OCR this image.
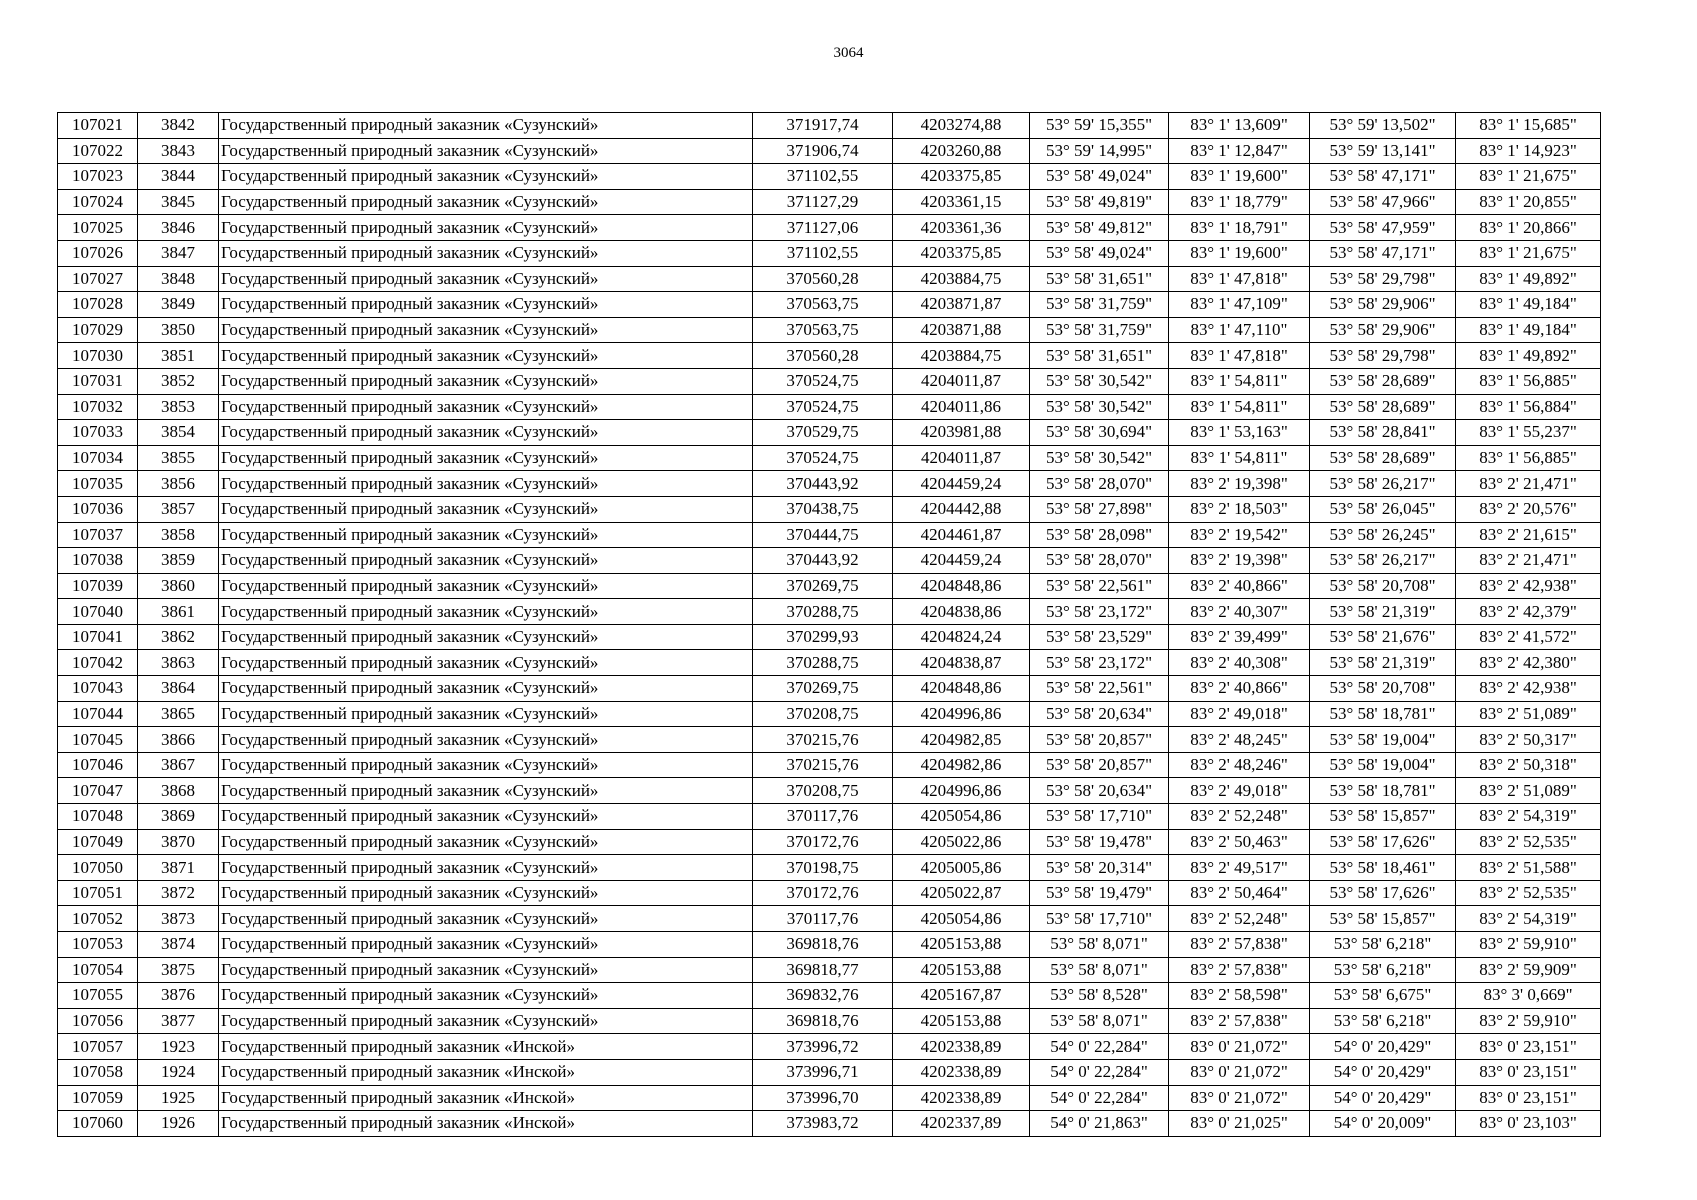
3064
107021	3842	Государственный природный заказник «Сузунский»	371917,74	4203274,88	53° 59' 15,355"	83° 1' 13,609"	53° 59' 13,502"	83° 1' 15,685"
107022	3843	Государственный природный заказник «Сузунский»	371906,74	4203260,88	53° 59' 14,995"	83° 1' 12,847"	53° 59' 13,141"	83° 1' 14,923"
107023	3844	Государственный природный заказник «Сузунский»	371102,55	4203375,85	53° 58' 49,024"	83° 1' 19,600"	53° 58' 47,171"	83° 1' 21,675"
107024	3845	Государственный природный заказник «Сузунский»	371127,29	4203361,15	53° 58' 49,819"	83° 1' 18,779"	53° 58' 47,966"	83° 1' 20,855"
107025	3846	Государственный природный заказник «Сузунский»	371127,06	4203361,36	53° 58' 49,812"	83° 1' 18,791"	53° 58' 47,959"	83° 1' 20,866"
107026	3847	Государственный природный заказник «Сузунский»	371102,55	4203375,85	53° 58' 49,024"	83° 1' 19,600"	53° 58' 47,171"	83° 1' 21,675"
107027	3848	Государственный природный заказник «Сузунский»	370560,28	4203884,75	53° 58' 31,651"	83° 1' 47,818"	53° 58' 29,798"	83° 1' 49,892"
107028	3849	Государственный природный заказник «Сузунский»	370563,75	4203871,87	53° 58' 31,759"	83° 1' 47,109"	53° 58' 29,906"	83° 1' 49,184"
107029	3850	Государственный природный заказник «Сузунский»	370563,75	4203871,88	53° 58' 31,759"	83° 1' 47,110"	53° 58' 29,906"	83° 1' 49,184"
107030	3851	Государственный природный заказник «Сузунский»	370560,28	4203884,75	53° 58' 31,651"	83° 1' 47,818"	53° 58' 29,798"	83° 1' 49,892"
107031	3852	Государственный природный заказник «Сузунский»	370524,75	4204011,87	53° 58' 30,542"	83° 1' 54,811"	53° 58' 28,689"	83° 1' 56,885"
107032	3853	Государственный природный заказник «Сузунский»	370524,75	4204011,86	53° 58' 30,542"	83° 1' 54,811"	53° 58' 28,689"	83° 1' 56,884"
107033	3854	Государственный природный заказник «Сузунский»	370529,75	4203981,88	53° 58' 30,694"	83° 1' 53,163"	53° 58' 28,841"	83° 1' 55,237"
107034	3855	Государственный природный заказник «Сузунский»	370524,75	4204011,87	53° 58' 30,542"	83° 1' 54,811"	53° 58' 28,689"	83° 1' 56,885"
107035	3856	Государственный природный заказник «Сузунский»	370443,92	4204459,24	53° 58' 28,070"	83° 2' 19,398"	53° 58' 26,217"	83° 2' 21,471"
107036	3857	Государственный природный заказник «Сузунский»	370438,75	4204442,88	53° 58' 27,898"	83° 2' 18,503"	53° 58' 26,045"	83° 2' 20,576"
107037	3858	Государственный природный заказник «Сузунский»	370444,75	4204461,87	53° 58' 28,098"	83° 2' 19,542"	53° 58' 26,245"	83° 2' 21,615"
107038	3859	Государственный природный заказник «Сузунский»	370443,92	4204459,24	53° 58' 28,070"	83° 2' 19,398"	53° 58' 26,217"	83° 2' 21,471"
107039	3860	Государственный природный заказник «Сузунский»	370269,75	4204848,86	53° 58' 22,561"	83° 2' 40,866"	53° 58' 20,708"	83° 2' 42,938"
107040	3861	Государственный природный заказник «Сузунский»	370288,75	4204838,86	53° 58' 23,172"	83° 2' 40,307"	53° 58' 21,319"	83° 2' 42,379"
107041	3862	Государственный природный заказник «Сузунский»	370299,93	4204824,24	53° 58' 23,529"	83° 2' 39,499"	53° 58' 21,676"	83° 2' 41,572"
107042	3863	Государственный природный заказник «Сузунский»	370288,75	4204838,87	53° 58' 23,172"	83° 2' 40,308"	53° 58' 21,319"	83° 2' 42,380"
107043	3864	Государственный природный заказник «Сузунский»	370269,75	4204848,86	53° 58' 22,561"	83° 2' 40,866"	53° 58' 20,708"	83° 2' 42,938"
107044	3865	Государственный природный заказник «Сузунский»	370208,75	4204996,86	53° 58' 20,634"	83° 2' 49,018"	53° 58' 18,781"	83° 2' 51,089"
107045	3866	Государственный природный заказник «Сузунский»	370215,76	4204982,85	53° 58' 20,857"	83° 2' 48,245"	53° 58' 19,004"	83° 2' 50,317"
107046	3867	Государственный природный заказник «Сузунский»	370215,76	4204982,86	53° 58' 20,857"	83° 2' 48,246"	53° 58' 19,004"	83° 2' 50,318"
107047	3868	Государственный природный заказник «Сузунский»	370208,75	4204996,86	53° 58' 20,634"	83° 2' 49,018"	53° 58' 18,781"	83° 2' 51,089"
107048	3869	Государственный природный заказник «Сузунский»	370117,76	4205054,86	53° 58' 17,710"	83° 2' 52,248"	53° 58' 15,857"	83° 2' 54,319"
107049	3870	Государственный природный заказник «Сузунский»	370172,76	4205022,86	53° 58' 19,478"	83° 2' 50,463"	53° 58' 17,626"	83° 2' 52,535"
107050	3871	Государственный природный заказник «Сузунский»	370198,75	4205005,86	53° 58' 20,314"	83° 2' 49,517"	53° 58' 18,461"	83° 2' 51,588"
107051	3872	Государственный природный заказник «Сузунский»	370172,76	4205022,87	53° 58' 19,479"	83° 2' 50,464"	53° 58' 17,626"	83° 2' 52,535"
107052	3873	Государственный природный заказник «Сузунский»	370117,76	4205054,86	53° 58' 17,710"	83° 2' 52,248"	53° 58' 15,857"	83° 2' 54,319"
107053	3874	Государственный природный заказник «Сузунский»	369818,76	4205153,88	53° 58' 8,071"	83° 2' 57,838"	53° 58' 6,218"	83° 2' 59,910"
107054	3875	Государственный природный заказник «Сузунский»	369818,77	4205153,88	53° 58' 8,071"	83° 2' 57,838"	53° 58' 6,218"	83° 2' 59,909"
107055	3876	Государственный природный заказник «Сузунский»	369832,76	4205167,87	53° 58' 8,528"	83° 2' 58,598"	53° 58' 6,675"	83° 3' 0,669"
107056	3877	Государственный природный заказник «Сузунский»	369818,76	4205153,88	53° 58' 8,071"	83° 2' 57,838"	53° 58' 6,218"	83° 2' 59,910"
107057	1923	Государственный природный заказник «Инской»	373996,72	4202338,89	54° 0' 22,284"	83° 0' 21,072"	54° 0' 20,429"	83° 0' 23,151"
107058	1924	Государственный природный заказник «Инской»	373996,71	4202338,89	54° 0' 22,284"	83° 0' 21,072"	54° 0' 20,429"	83° 0' 23,151"
107059	1925	Государственный природный заказник «Инской»	373996,70	4202338,89	54° 0' 22,284"	83° 0' 21,072"	54° 0' 20,429"	83° 0' 23,151"
107060	1926	Государственный природный заказник «Инской»	373983,72	4202337,89	54° 0' 21,863"	83° 0' 21,025"	54° 0' 20,009"	83° 0' 23,103"
